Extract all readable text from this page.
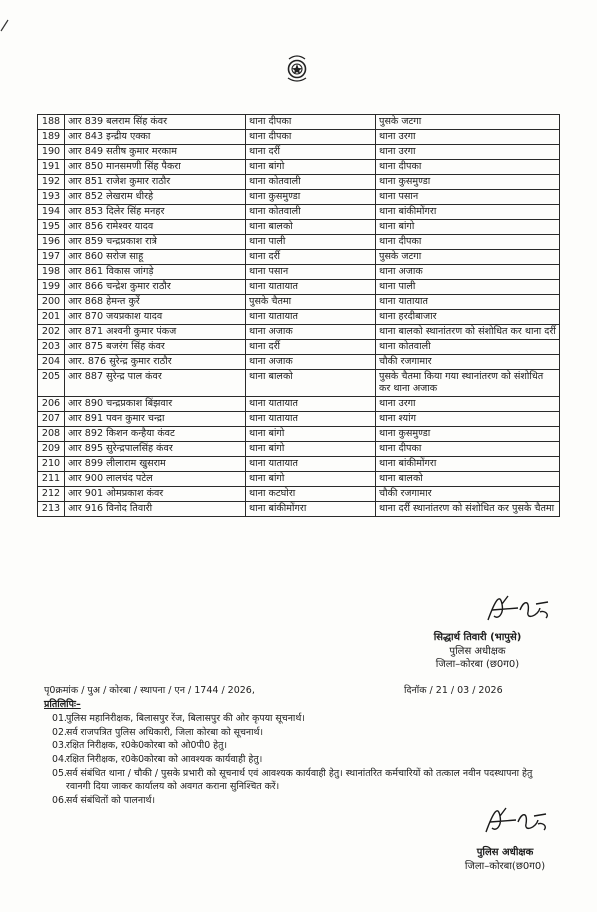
188	आर 839 बलराम सिंह कंवर	थाना दीपका	पुसके जटगा
189	आर 843 इन्द्रीय एक्का	थाना दीपका	थाना उरगा
190	आर 849 सतीष कुमार मरकाम	थाना दर्री	थाना उरगा
191	आर 850 मानसमणी सिंह पैकरा	थाना बांगो	थाना दीपका
192	आर 851 राजेश कुमार राठौर	थाना कोतवाली	थाना कुसमुण्डा
193	आर 852 लेखराम धीरहे	थाना कुसमुण्डा	थाना पसान
194	आर 853 दिलेर सिंह मनहर	थाना कोतवाली	थाना बांकीमोंगरा
195	आर 856 रामेश्वर यादव	थाना बालको	थाना बांगो
196	आर 859 चन्द्रप्रकाश रात्रे	थाना पाली	थाना दीपका
197	आर 860 सरोज साहू	थाना दर्री	पुसके जटगा
198	आर 861 विकास जांगड़े	थाना पसान	थाना अजाक
199	आर 866 चन्द्रेश कुमार राठौर	थाना यातायात	थाना पाली
200	आर 868 हेमन्त कुर्रे	पुसके चैतमा	थाना यातायात
201	आर 870 जयप्रकाश यादव	थाना यातायात	थाना हरदीबाजार
202	आर 871 अश्वनी कुमार पंकज	थाना अजाक	थाना बालको स्थानांतरण को संशोधित कर थाना दर्री
203	आर 875 बजरंग सिंह कंवर	थाना दर्री	थाना कोतवाली
204	आर. 876 सुरेन्द्र कुमार राठौर	थाना अजाक	चौकी रजगामार
205	आर 887 सुरेन्द्र पाल कंवर	थाना बालको	पुसके चैतमा किया गया स्थानांतरण को संशोधित कर थाना अजाक
206	आर 890 चन्द्रप्रकाश बिंझवार	थाना यातायात	थाना उरगा
207	आर 891 पवन कुमार चन्द्रा	थाना यातायात	थाना श्यांग
208	आर 892 किशन कन्हैया कंवट	थाना बांगो	थाना कुसमुण्डा
209	आर 895 सुरेन्द्रपालसिंह कंवर	थाना बांगो	थाना दीपका
210	आर 899 लीलाराम खुसराम	थाना यातायात	थाना बांकीमोंगरा
211	आर 900 लालचंद पटेल	थाना बांगो	थाना बालको
212	आर 901 ओमप्रकाश कंवर	थाना कटघोरा	चौकी रजगामार
213	आर 916 विनोद तिवारी	थाना बांकीमोंगरा	थाना दर्री स्थानांतरण को संशोधित कर पुसके चैतमा
सिद्धार्थ तिवारी (भापुसे)
पुलिस अधीक्षक
जिला–कोरबा (छ0ग0)
पृ0क्रमांक / पुअ / कोरबा / स्थापना / एन / 1744 / 2026,	दिनॉक / 21 / 03 / 2026
प्रतिलिपिः–
01. पुलिस महानिरीक्षक, बिलासपुर रेंज, बिलासपुर की ओर कृपया सूचनार्थ।
02. सर्व राजपत्रित पुलिस अधिकारी, जिला कोरबा को सूचनार्थ।
03. रक्षित निरीक्षक, र0के0कोरबा को ओ0पी0 हेतु।
04. रक्षित निरीक्षक, र0के0कोरबा को आवश्यक कार्यवाही हेतु।
05. सर्व संबंधित थाना / चौकी / पुसके प्रभारी को सूचनार्थ एवं आवश्यक कार्यवाही हेतु। स्थानांतरित कर्मचारियों को तत्काल नवीन पदस्थापना हेतु रवानगी दिया जाकर कार्यालय को अवगत कराना सुनिश्चित करें।
06. सर्व संबंधितों को पालनार्थ।
पुलिस अधीक्षक
जिला–कोरबा(छ0ग0)
